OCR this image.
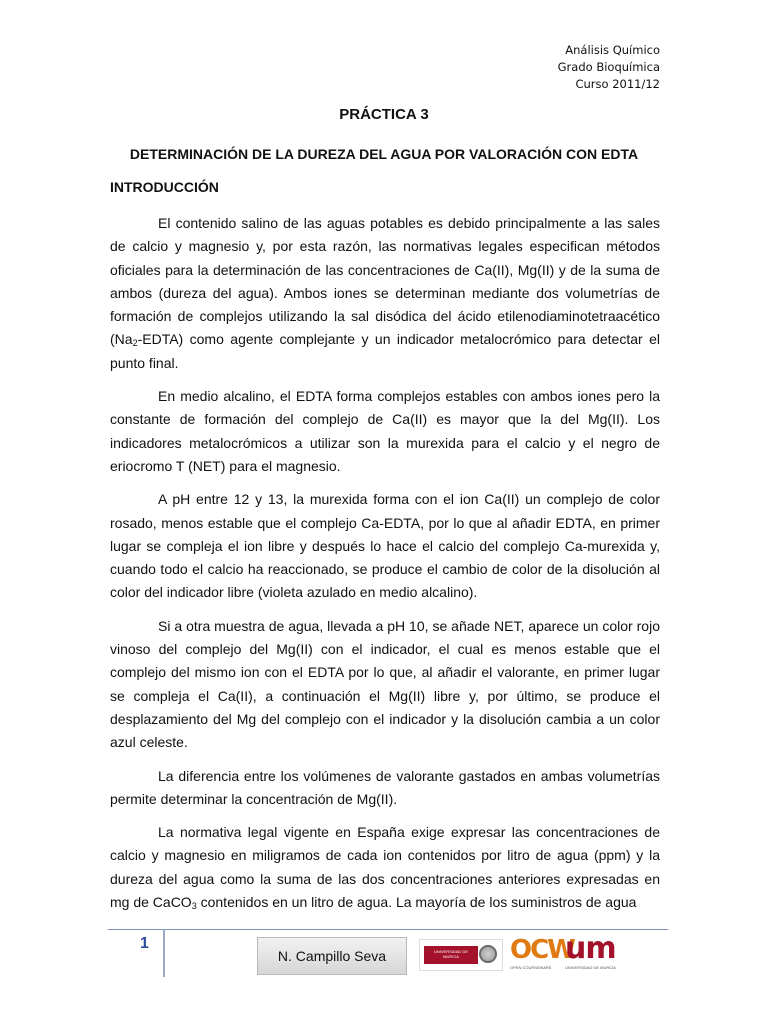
Análisis Químico
Grado Bioquímica
Curso 2011/12
PRÁCTICA 3
DETERMINACIÓN DE LA DUREZA DEL AGUA POR VALORACIÓN CON EDTA
INTRODUCCIÓN

El contenido salino de las aguas potables es debido principalmente a las sales de calcio y magnesio y, por esta razón, las normativas legales especifican métodos oficiales para la determinación de las concentraciones de Ca(II), Mg(II) y de la suma de ambos (dureza del agua). Ambos iones se determinan mediante dos volumetrías de formación de complejos utilizando la sal disódica del ácido etilenodiaminotetraacético $(Na_2-EDTA)$ como agente complejante y un indicador metalocrómico para detectar el punto final.

En medio alcalino, el EDTA forma complejos estables con ambos iones pero la constante de formación del complejo de Ca(II) es mayor que la del Mg(II). Los indicadores metalocrómicos a utilizar son la murexida para el calcio y el negro de eriocromo T (NET) para el magnesio.

A pH entre 12 y 13, la murexida forma con el ion Ca(II) un complejo de color rosado, menos estable que el complejo Ca-EDTA, por lo que al añadir EDTA, en primer lugar se compleja el ion libre y después lo hace el calcio del complejo Ca-murexida y, cuando todo el calcio ha reaccionado, se produce el cambio de color de la disolución al color del indicador libre (violeta azulado en medio alcalino).

Si a otra muestra de agua, llevada a pH 10, se añade NET, aparece un color rojo vinoso del complejo del Mg(II) con el indicador, el cual es menos estable que el complejo del mismo ion con el EDTA por lo que, al añadir el valorante, en primer lugar se compleja el Ca(II), a continuación el Mg(II) libre y, por último, se produce el desplazamiento del Mg del complejo con el indicador y la disolución cambia a un color azul celeste.

La diferencia entre los volúmenes de valorante gastados en ambas volumetrías permite determinar la concentración de Mg(II).

La normativa legal vigente en España exige expresar las concentraciones de calcio y magnesio en miligramos de cada ion contenidos por litro de agua (ppm) y la dureza del agua como la suma de las dos concentraciones anteriores expresadas en mg de CaCO$_3$ contenidos en un litro de agua. La mayoría de los suministros de agua

1
N. Campillo Seva	UNIVERSIDAD DE MURCIA	OCW
um
OPEN COURSEWARE	UNIVERSIDAD DE MURCIA
